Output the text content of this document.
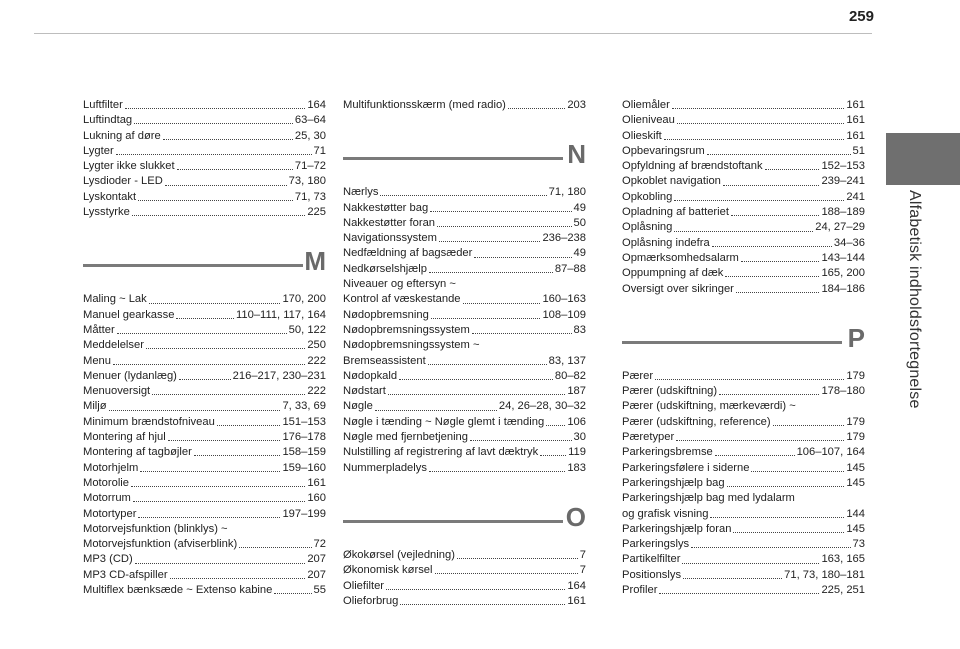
259
Alfabetisk indholdsfortegnelse
Luftfilter	164
Luftindtag	63–64
Lukning af døre	25, 30
Lygter	71
Lygter ikke slukket	71–72
Lysdioder - LED	73, 180
Lyskontakt	71, 73
Lysstyrke	225
M
Maling ~ Lak	170, 200
Manuel gearkasse	110–111, 117, 164
Måtter	50, 122
Meddelelser	250
Menu	222
Menuer (lydanlæg)	216–217, 230–231
Menuoversigt	222
Miljø	7, 33, 69
Minimum brændstofniveau	151–153
Montering af hjul	176–178
Montering af tagbøjler	158–159
Motorhjelm	159–160
Motorolie	161
Motorrum	160
Motortyper	197–199
Motorvejsfunktion (blinklys) ~
Motorvejsfunktion (afviserblink)	72
MP3 (CD)	207
MP3 CD-afspiller	207
Multiflex bænksæde ~ Extenso kabine	55
Multifunktionsskærm (med radio)	203
N
Nærlys	71, 180
Nakkestøtter bag	49
Nakkestøtter foran	50
Navigationssystem	236–238
Nedfældning af bagsæder	49
Nedkørselshjælp	87–88
Niveauer og eftersyn ~
Kontrol af væskestande	160–163
Nødopbremsning	108–109
Nødopbremsningssystem	83
Nødopbremsningssystem ~
Bremseassistent	83, 137
Nødopkald	80–82
Nødstart	187
Nøgle	24, 26–28, 30–32
Nøgle i tænding ~ Nøgle glemt i tænding 106
Nøgle med fjernbetjening	30
Nulstilling af registrering af lavt dæktryk	119
Nummerpladelys	183
O
Økokørsel (vejledning)	7
Økonomisk kørsel	7
Oliefilter	164
Olieforbrug	161
Oliemåler	161
Olieniveau	161
Olieskift	161
Opbevaringsrum	51
Opfyldning af brændstoftank	152–153
Opkoblet navigation	239–241
Opkobling	241
Opladning af batteriet	188–189
Oplåsning	24, 27–29
Oplåsning indefra	34–36
Opmærksomhedsalarm	143–144
Oppumpning af dæk	165, 200
Oversigt over sikringer	184–186
P
Pærer	179
Pærer (udskiftning)	178–180
Pærer (udskiftning, mærkeværdi) ~
Pærer (udskiftning, reference)	179
Pæretyper	179
Parkeringsbremse	106–107, 164
Parkeringsfølere i siderne	145
Parkeringshjælp bag	145
Parkeringshjælp bag med lydalarm
og grafisk visning	144
Parkeringshjælp foran	145
Parkeringslys	73
Partikelfilter	163, 165
Positionslys	71, 73, 180–181
Profiler	225, 251
